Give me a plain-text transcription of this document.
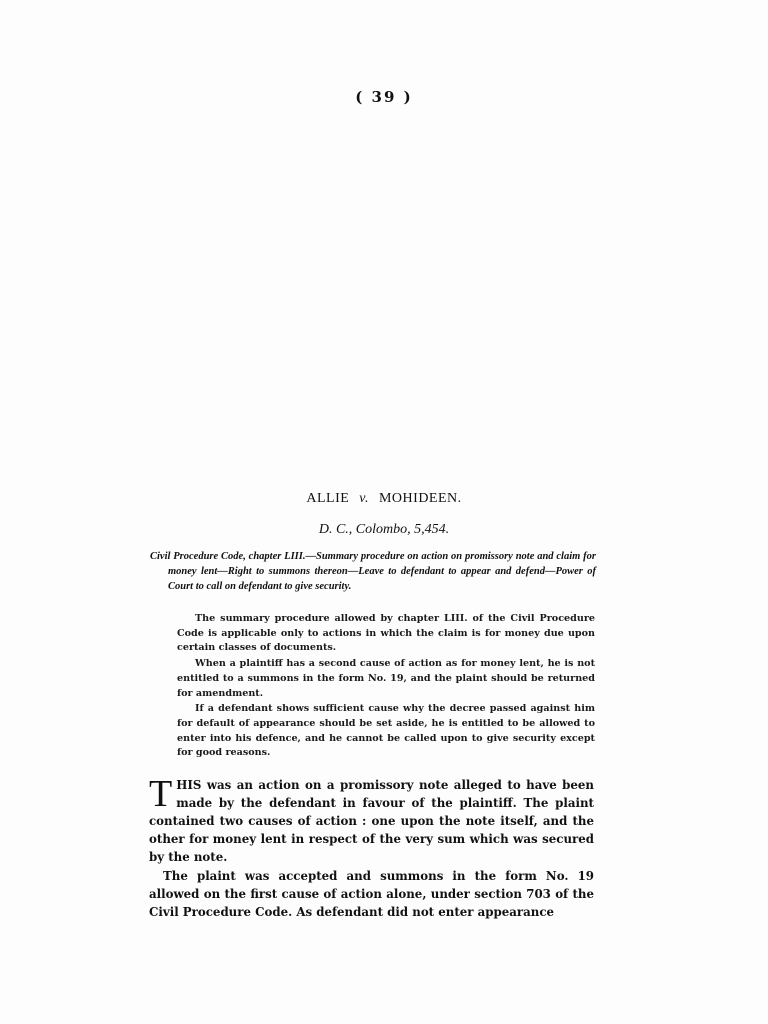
( 39 )
ALLIE v. MOHIDEEN.
D. C., Colombo, 5,454.
Civil Procedure Code, chapter LIII.—Summary procedure on action on promissory note and claim for money lent—Right to summons thereon—Leave to defendant to appear and defend—Power of Court to call on defendant to give security.

The summary procedure allowed by chapter LIII. of the Civil Procedure Code is applicable only to actions in which the claim is for money due upon certain classes of documents.

When a plaintiff has a second cause of action as for money lent, he is not entitled to a summons in the form No. 19, and the plaint should be returned for amendment.

If a defendant shows sufficient cause why the decree passed against him for default of appearance should be set aside, he is entitled to be allowed to enter into his defence, and he cannot be called upon to give security except for good reasons.

THIS was an action on a promissory note alleged to have been made by the defendant in favour of the plaintiff. The plaint contained two causes of action : one upon the note itself, and the other for money lent in respect of the very sum which was secured by the note.

The plaint was accepted and summons in the form No. 19 allowed on the first cause of action alone, under section 703 of the Civil Procedure Code. As defendant did not enter appearance
